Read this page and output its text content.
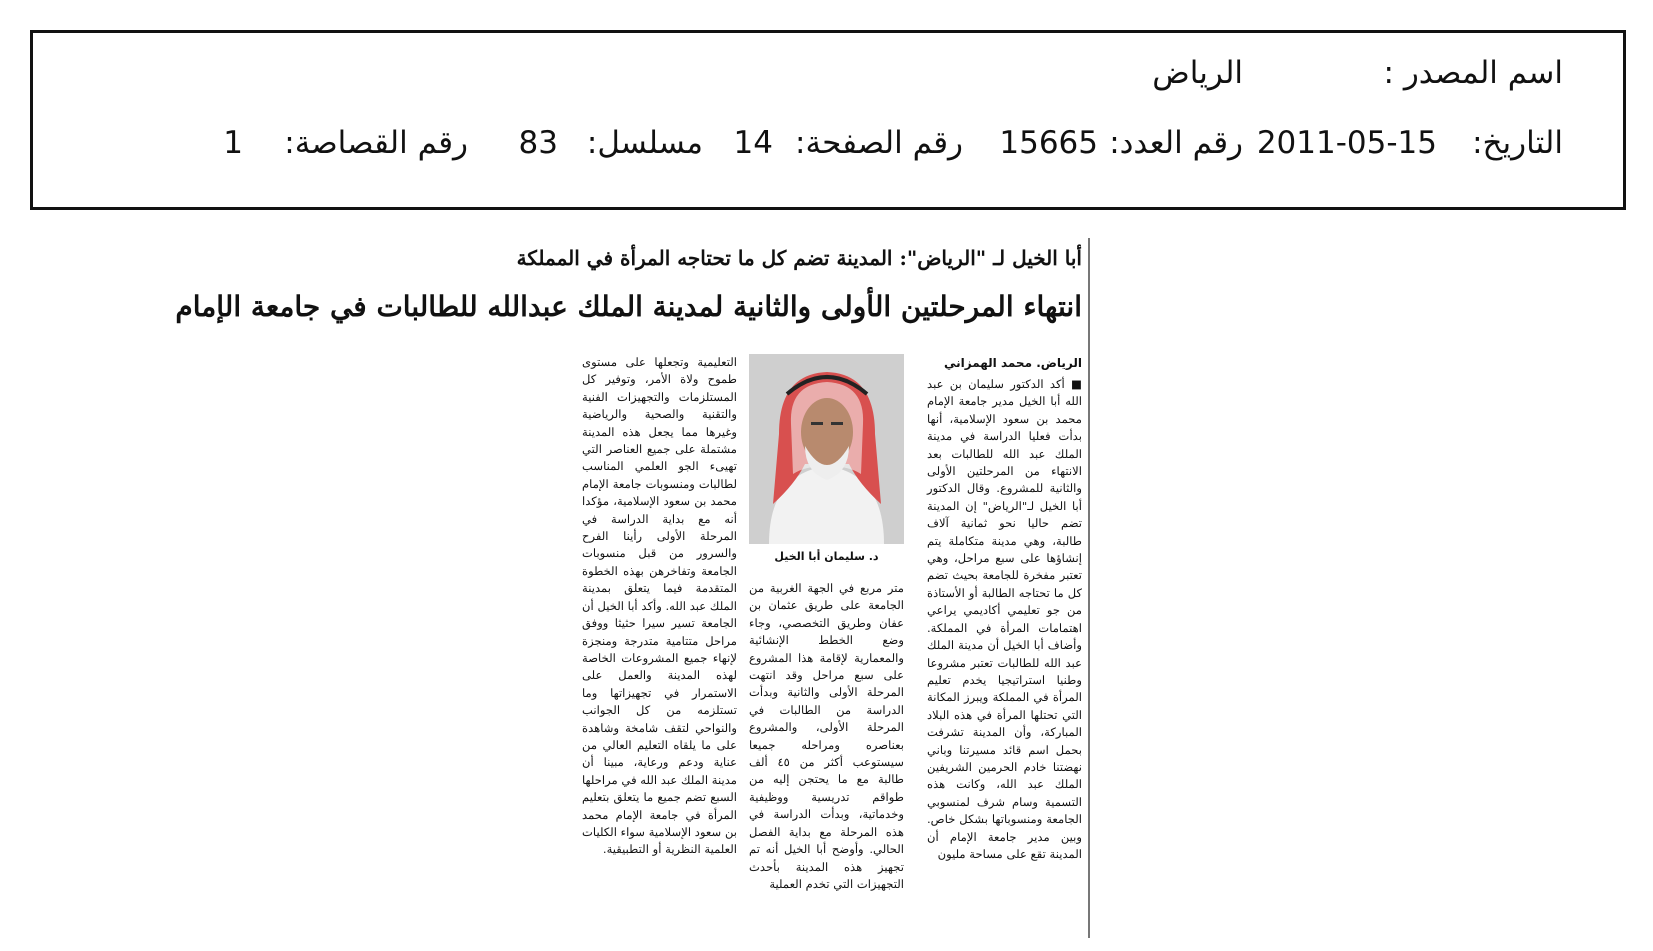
اسم المصدر :
الرياض
التاريخ:
2011-05-15
رقم العدد:
15665
رقم الصفحة:
14
مسلسل:
83
رقم القصاصة:
1
أبا الخيل لـ "الرياض": المدينة تضم كل ما تحتاجه المرأة في المملكة
انتهاء المرحلتين الأولى والثانية لمدينة الملك عبدالله للطالبات في جامعة الإمام
الرياض. محمد الهمزاني

■ أكد الدكتور سليمان بن عبد الله أبا الخيل مدير جامعة الإمام محمد بن سعود الإسلامية، أنها بدأت فعليا الدراسة في مدينة الملك عبد الله للطالبات بعد الانتهاء من المرحلتين الأولى والثانية للمشروع. وقال الدكتور أبا الخيل لـ"الرياض" إن المدينة تضم حاليا نحو ثمانية آلاف طالبة، وهي مدينة متكاملة يتم إنشاؤها على سبع مراحل، وهي تعتبر مفخرة للجامعة بحيث تضم كل ما تحتاجه الطالبة أو الأستاذة من جو تعليمي أكاديمي يراعي اهتمامات المرأة في المملكة. وأضاف أبا الخيل أن مدينة الملك عبد الله للطالبات تعتبر مشروعا وطنيا استراتيجيا يخدم تعليم المرأة في المملكة ويبرز المكانة التي تحتلها المرأة في هذه البلاد المباركة، وأن المدينة تشرفت بحمل اسم قائد مسيرتنا وباني نهضتنا خادم الحرمين الشريفين الملك عبد الله، وكانت هذه التسمية وسام شرف لمنسوبي الجامعة ومنسوباتها بشكل خاص. وبين مدير جامعة الإمام أن المدينة تقع على مساحة مليون

د. سليمان أبا الخيل

متر مربع في الجهة الغربية من الجامعة على طريق عثمان بن عفان وطريق التخصصي، وجاء وضع الخطط الإنشائية والمعمارية لإقامة هذا المشروع على سبع مراحل وقد انتهت المرحلة الأولى والثانية وبدأت الدراسة من الطالبات في المرحلة الأولى، والمشروع بعناصره ومراحله جميعا سيستوعب أكثر من ٤٥ ألف طالبة مع ما يحتجن إليه من طواقم تدريسية ووظيفية وخدماتية، وبدأت الدراسة في هذه المرحلة مع بداية الفصل الحالي. وأوضح أبا الخيل أنه تم تجهيز هذه المدينة بأحدث التجهيزات التي تخدم العملية

التعليمية وتجعلها على مستوى طموح ولاة الأمر، وتوفير كل المستلزمات والتجهيزات الفنية والتقنية والصحية والرياضية وغيرها مما يجعل هذه المدينة مشتملة على جميع العناصر التي تهيىء الجو العلمي المناسب لطالبات ومنسوبات جامعة الإمام محمد بن سعود الإسلامية، مؤكدا أنه مع بداية الدراسة في المرحلة الأولى رأينا الفرح والسرور من قبل منسوبات الجامعة وتفاخرهن بهذه الخطوة المتقدمة فيما يتعلق بمدينة الملك عبد الله. وأكد أبا الخيل أن الجامعة تسير سيرا حثيثا ووفق مراحل متتامية متدرجة ومنجزة لإنهاء جميع المشروعات الخاصة لهذه المدينة والعمل على الاستمرار في تجهيزاتها وما تستلزمه من كل الجوانب والنواحي لتقف شامخة وشاهدة على ما يلقاه التعليم العالي من عناية ودعم ورعاية، مبينا أن مدينة الملك عبد الله في مراحلها السبع تضم جميع ما يتعلق بتعليم المرأة في جامعة الإمام محمد بن سعود الإسلامية سواء الكليات العلمية النظرية أو التطبيقية.
